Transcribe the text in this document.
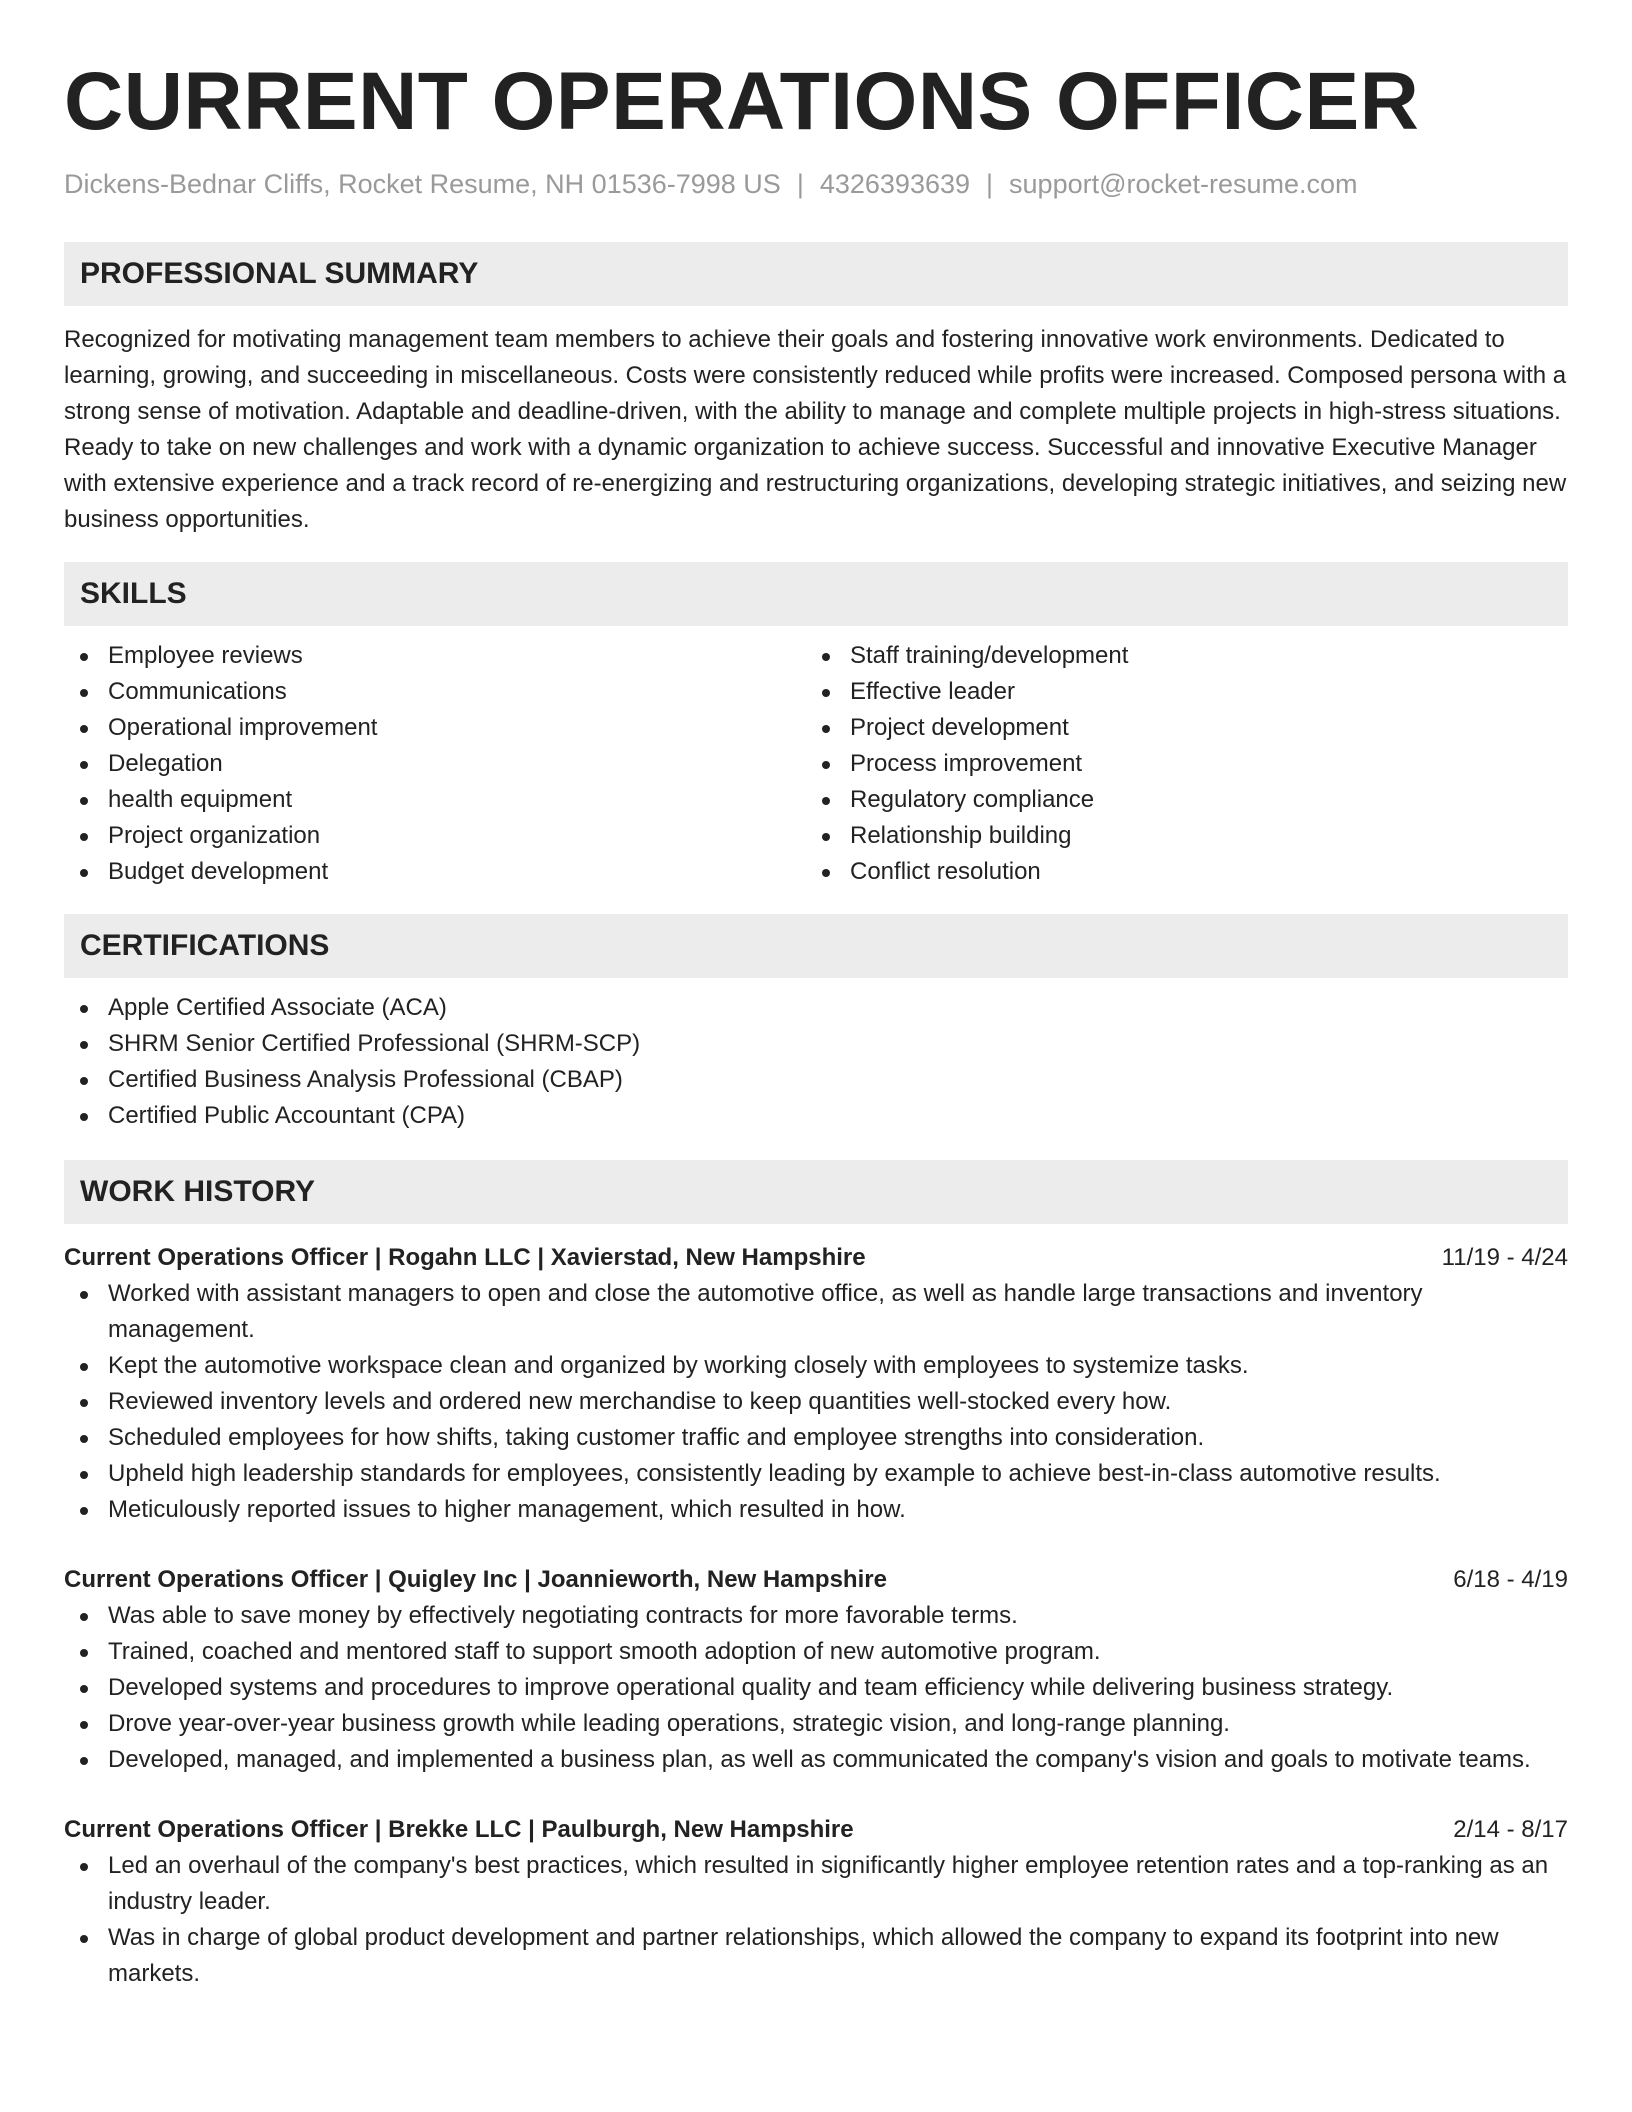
CURRENT OPERATIONS OFFICER
Dickens-Bednar Cliffs, Rocket Resume, NH 01536-7998 US | 4326393639 | support@rocket-resume.com
PROFESSIONAL SUMMARY

Recognized for motivating management team members to achieve their goals and fostering innovative work environments. Dedicated to learning, growing, and succeeding in miscellaneous. Costs were consistently reduced while profits were increased. Composed persona with a strong sense of motivation. Adaptable and deadline-driven, with the ability to manage and complete multiple projects in high-stress situations. Ready to take on new challenges and work with a dynamic organization to achieve success. Successful and innovative Executive Manager with extensive experience and a track record of re-energizing and restructuring organizations, developing strategic initiatives, and seizing new business opportunities.

SKILLS
Employee reviews
Communications
Operational improvement
Delegation
health equipment
Project organization
Budget development
Staff training/development
Effective leader
Project development
Process improvement
Regulatory compliance
Relationship building
Conflict resolution
CERTIFICATIONS
Apple Certified Associate (ACA)
SHRM Senior Certified Professional (SHRM-SCP)
Certified Business Analysis Professional (CBAP)
Certified Public Accountant (CPA)
WORK HISTORY
Current Operations Officer | Rogahn LLC | Xavierstad, New Hampshire	11/19 - 4/24
Worked with assistant managers to open and close the automotive office, as well as handle large transactions and inventory management.
Kept the automotive workspace clean and organized by working closely with employees to systemize tasks.
Reviewed inventory levels and ordered new merchandise to keep quantities well-stocked every how.
Scheduled employees for how shifts, taking customer traffic and employee strengths into consideration.
Upheld high leadership standards for employees, consistently leading by example to achieve best-in-class automotive results.
Meticulously reported issues to higher management, which resulted in how.
Current Operations Officer | Quigley Inc | Joannieworth, New Hampshire	6/18 - 4/19
Was able to save money by effectively negotiating contracts for more favorable terms.
Trained, coached and mentored staff to support smooth adoption of new automotive program.
Developed systems and procedures to improve operational quality and team efficiency while delivering business strategy.
Drove year-over-year business growth while leading operations, strategic vision, and long-range planning.
Developed, managed, and implemented a business plan, as well as communicated the company's vision and goals to motivate teams.
Current Operations Officer | Brekke LLC | Paulburgh, New Hampshire	2/14 - 8/17
Led an overhaul of the company's best practices, which resulted in significantly higher employee retention rates and a top-ranking as an industry leader.
Was in charge of global product development and partner relationships, which allowed the company to expand its footprint into new markets.
